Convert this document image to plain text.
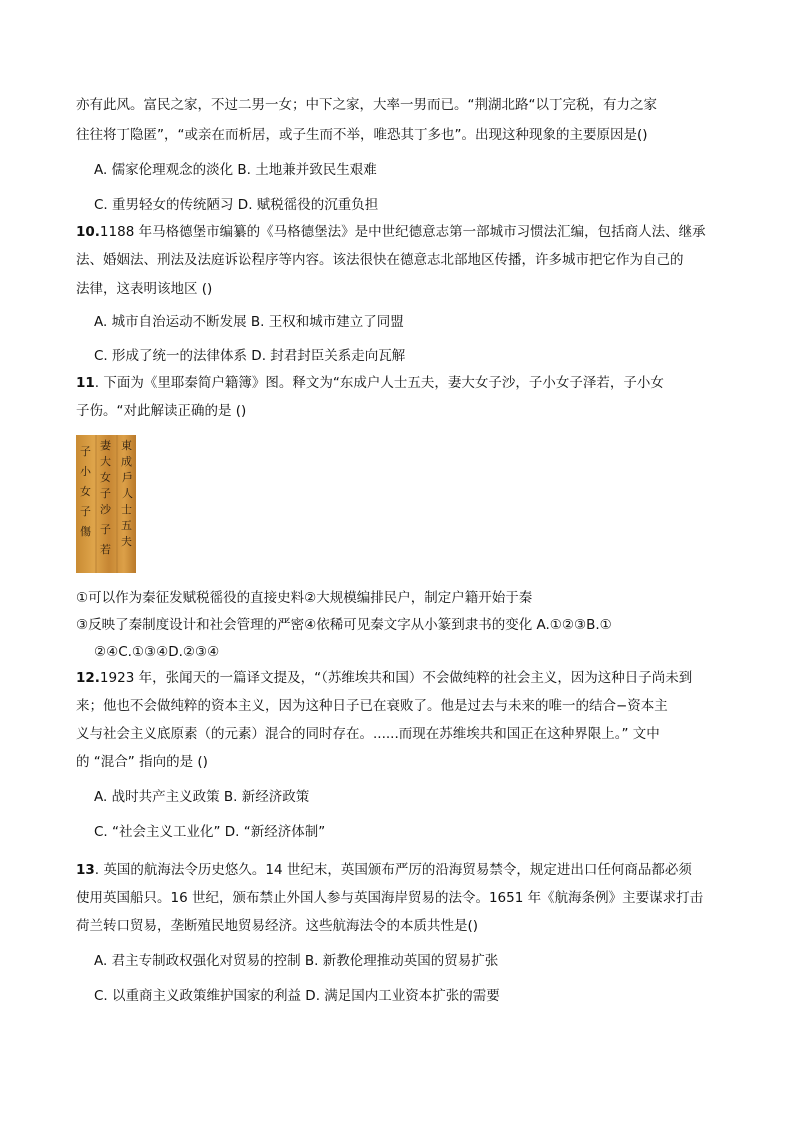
亦有此风。富民之家，不过二男一女；中下之家，大率一男而已。“荆湖北路“以丁完税，有力之家
往往将丁隐匿”，“或亲在而析居，或子生而不举，唯恐其丁多也”。出现这种现象的主要原因是()
A. 儒家伦理观念的淡化 B. 土地兼并致民生艰难
C. 重男轻女的传统陋习 D. 赋税徭役的沉重负担
10.1188 年马格德堡市编纂的《马格德堡法》是中世纪德意志第一部城市习惯法汇编，包括商人法、继承
法、婚姻法、刑法及法庭诉讼程序等内容。该法很快在德意志北部地区传播，许多城市把它作为自己的
法律，这表明该地区 ()
A. 城市自治运动不断发展 B. 王权和城市建立了同盟
C. 形成了统一的法律体系 D. 封君封臣关系走向瓦解
11. 下面为《里耶秦简户籍簿》图。释文为“东成户人士五夫，妻大女子沙，子小女子泽若，子小女
子伤。“对此解读正确的是 ()
東
成
戶
人
士
五
夫
妻
大
女
子
沙
子
若
子
小
女
子
傷
①可以作为秦征发赋税徭役的直接史料②大规模编排民户，制定户籍开始于秦
③反映了秦制度设计和社会管理的严密④依稀可见秦文字从小篆到隶书的变化 A.①②③B.①
②④C.①③④D.②③④
12.1923 年，张闻天的一篇译文提及，“（苏维埃共和国）不会做纯粹的社会主义，因为这种日子尚未到
来；他也不会做纯粹的资本主义，因为这种日子已在衰败了。他是过去与未来的唯一的结合−资本主
义与社会主义底原素（的元素）混合的同时存在。......而现在苏维埃共和国正在这种界限上。” 文中
的 “混合” 指向的是 ()
A. 战时共产主义政策 B. 新经济政策
C. “社会主义工业化” D. “新经济体制”
13. 英国的航海法令历史悠久。14 世纪末，英国颁布严厉的沿海贸易禁令，规定进出口任何商品都必须
使用英国船只。16 世纪，颁布禁止外国人参与英国海岸贸易的法令。1651 年《航海条例》主要谋求打击
荷兰转口贸易，垄断殖民地贸易经济。这些航海法令的本质共性是()
A. 君主专制政权强化对贸易的控制 B. 新教伦理推动英国的贸易扩张
C. 以重商主义政策维护国家的利益 D. 满足国内工业资本扩张的需要
